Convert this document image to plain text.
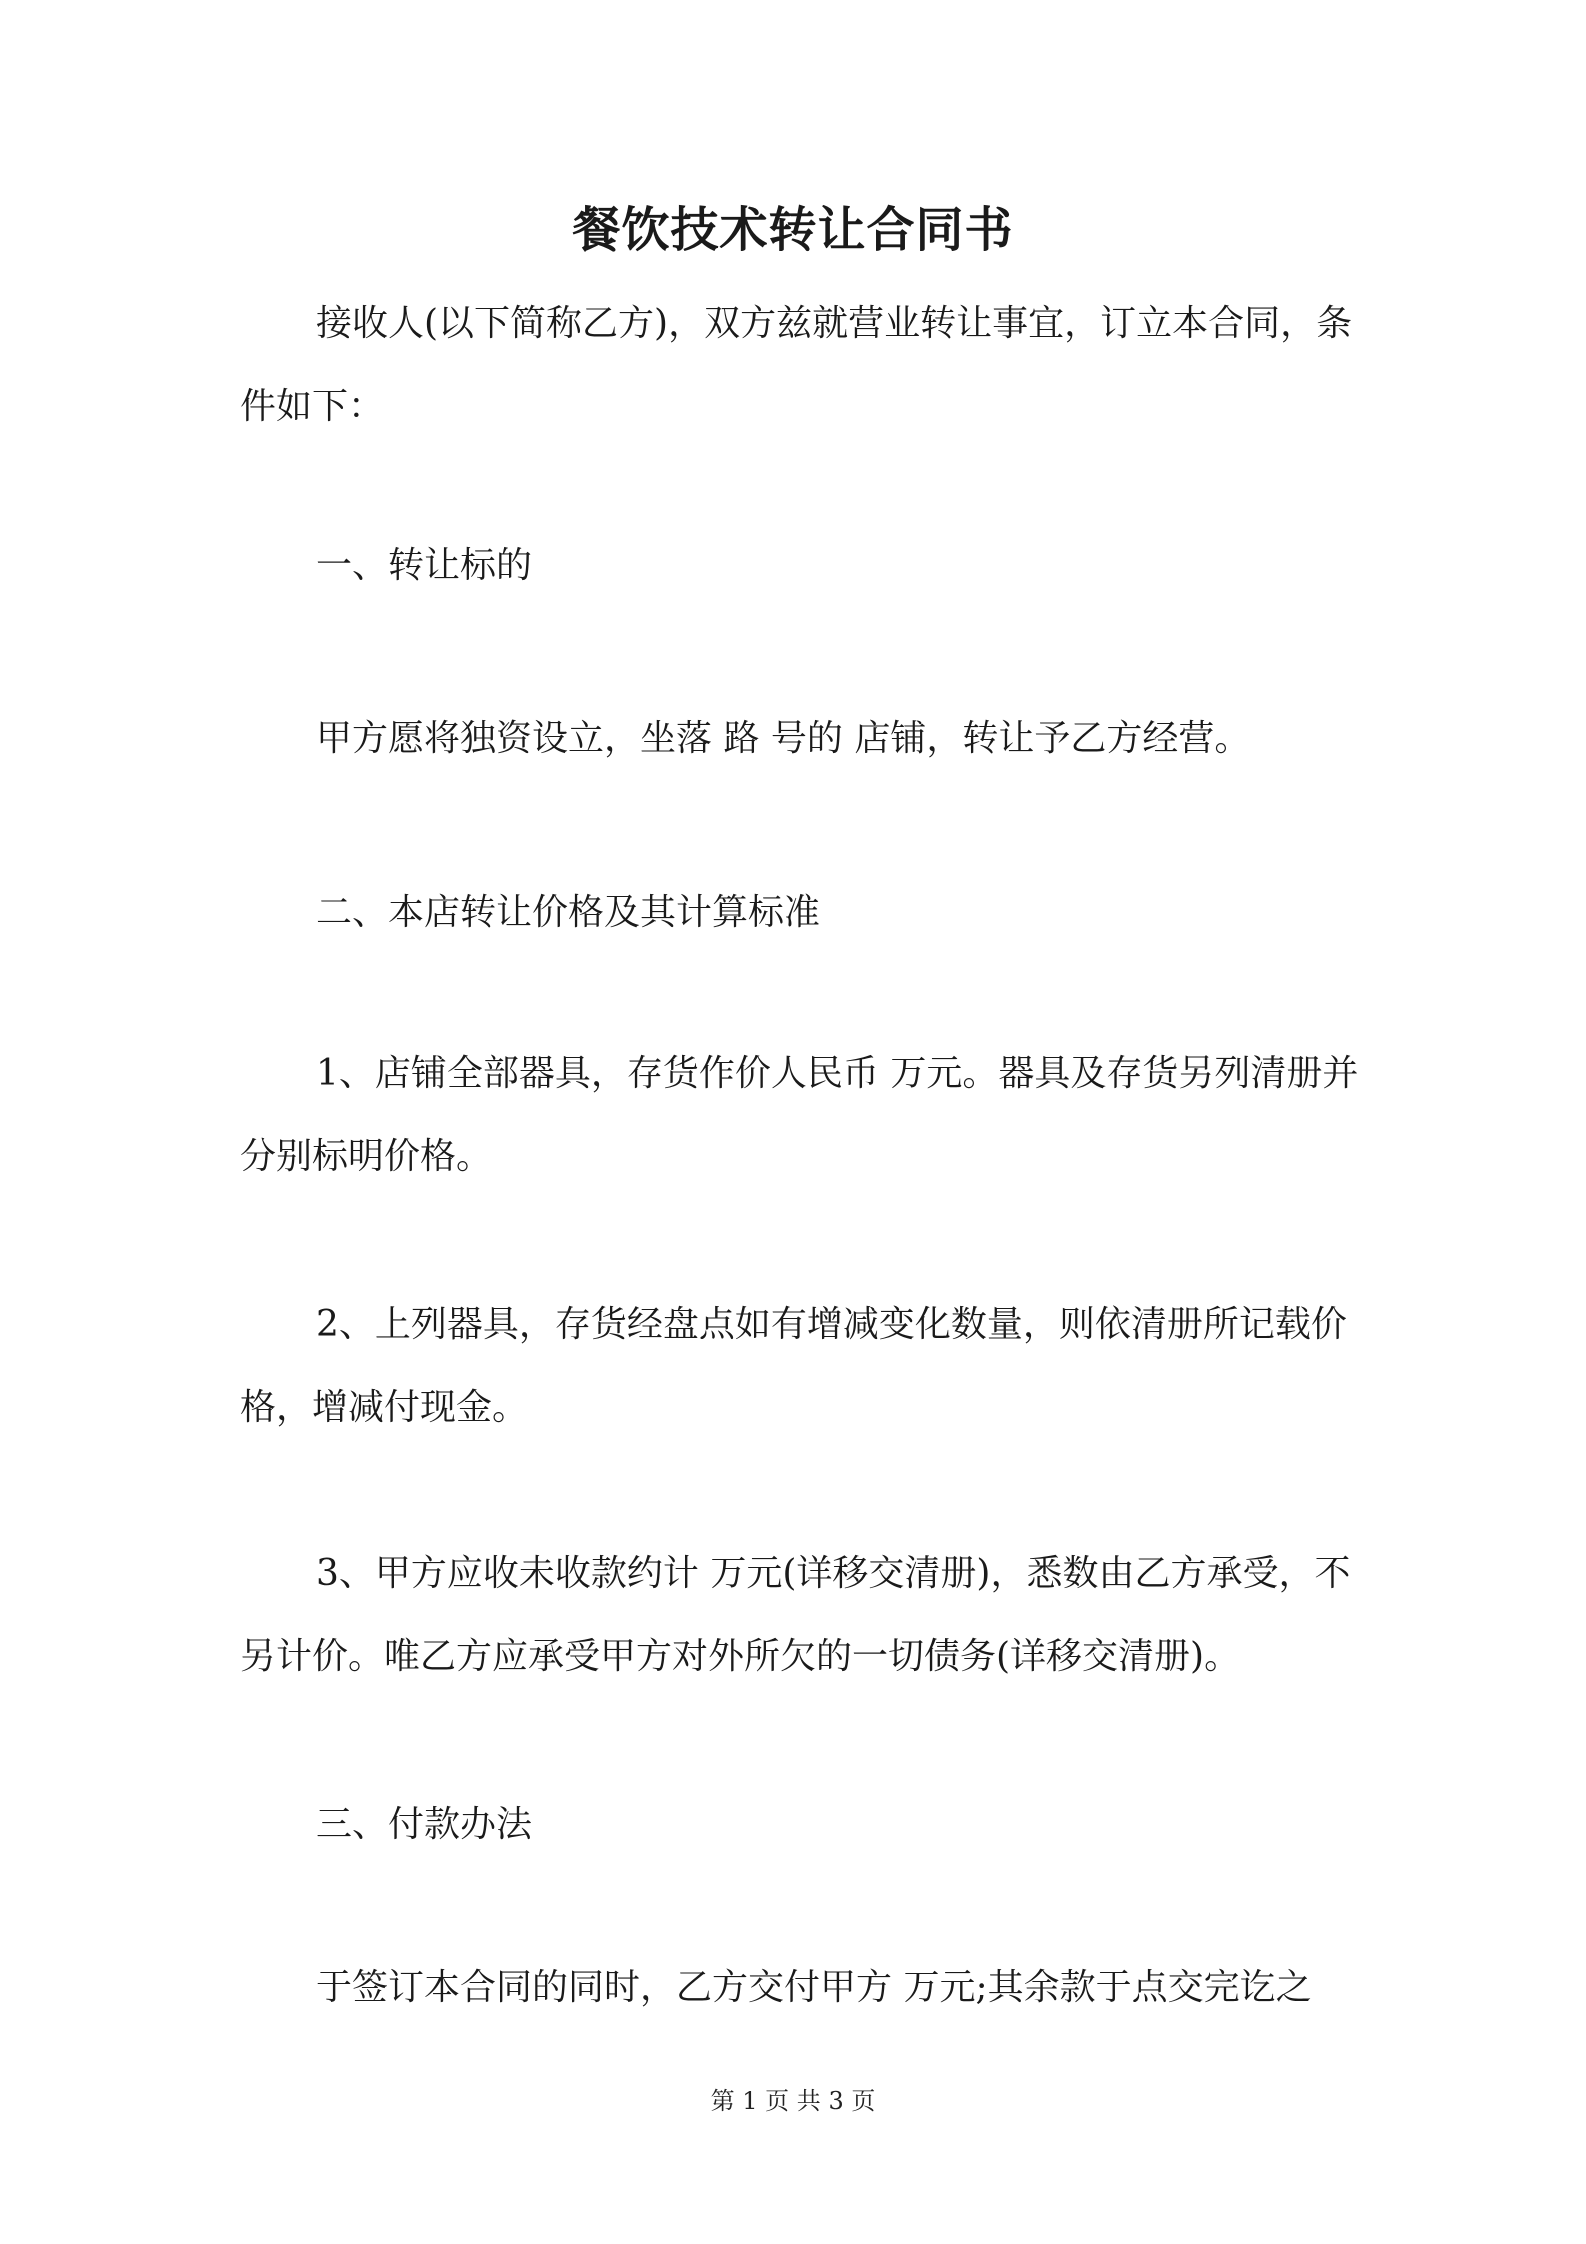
餐饮技术转让合同书
接收人(以下简称乙方)，双方兹就营业转让事宜，订立本合同，条件如下：
一、转让标的
甲方愿将独资设立，坐落 路 号的 店铺，转让予乙方经营。
二、本店转让价格及其计算标准
1、店铺全部器具，存货作价人民币 万元。器具及存货另列清册并分别标明价格。
2、上列器具，存货经盘点如有增减变化数量，则依清册所记载价格，增减付现金。
3、甲方应收未收款约计 万元(详移交清册)，悉数由乙方承受，不另计价。唯乙方应承受甲方对外所欠的一切债务(详移交清册)。
三、付款办法
于签订本合同的同时，乙方交付甲方 万元;其余款于点交完讫之
第 1 页 共 3 页
